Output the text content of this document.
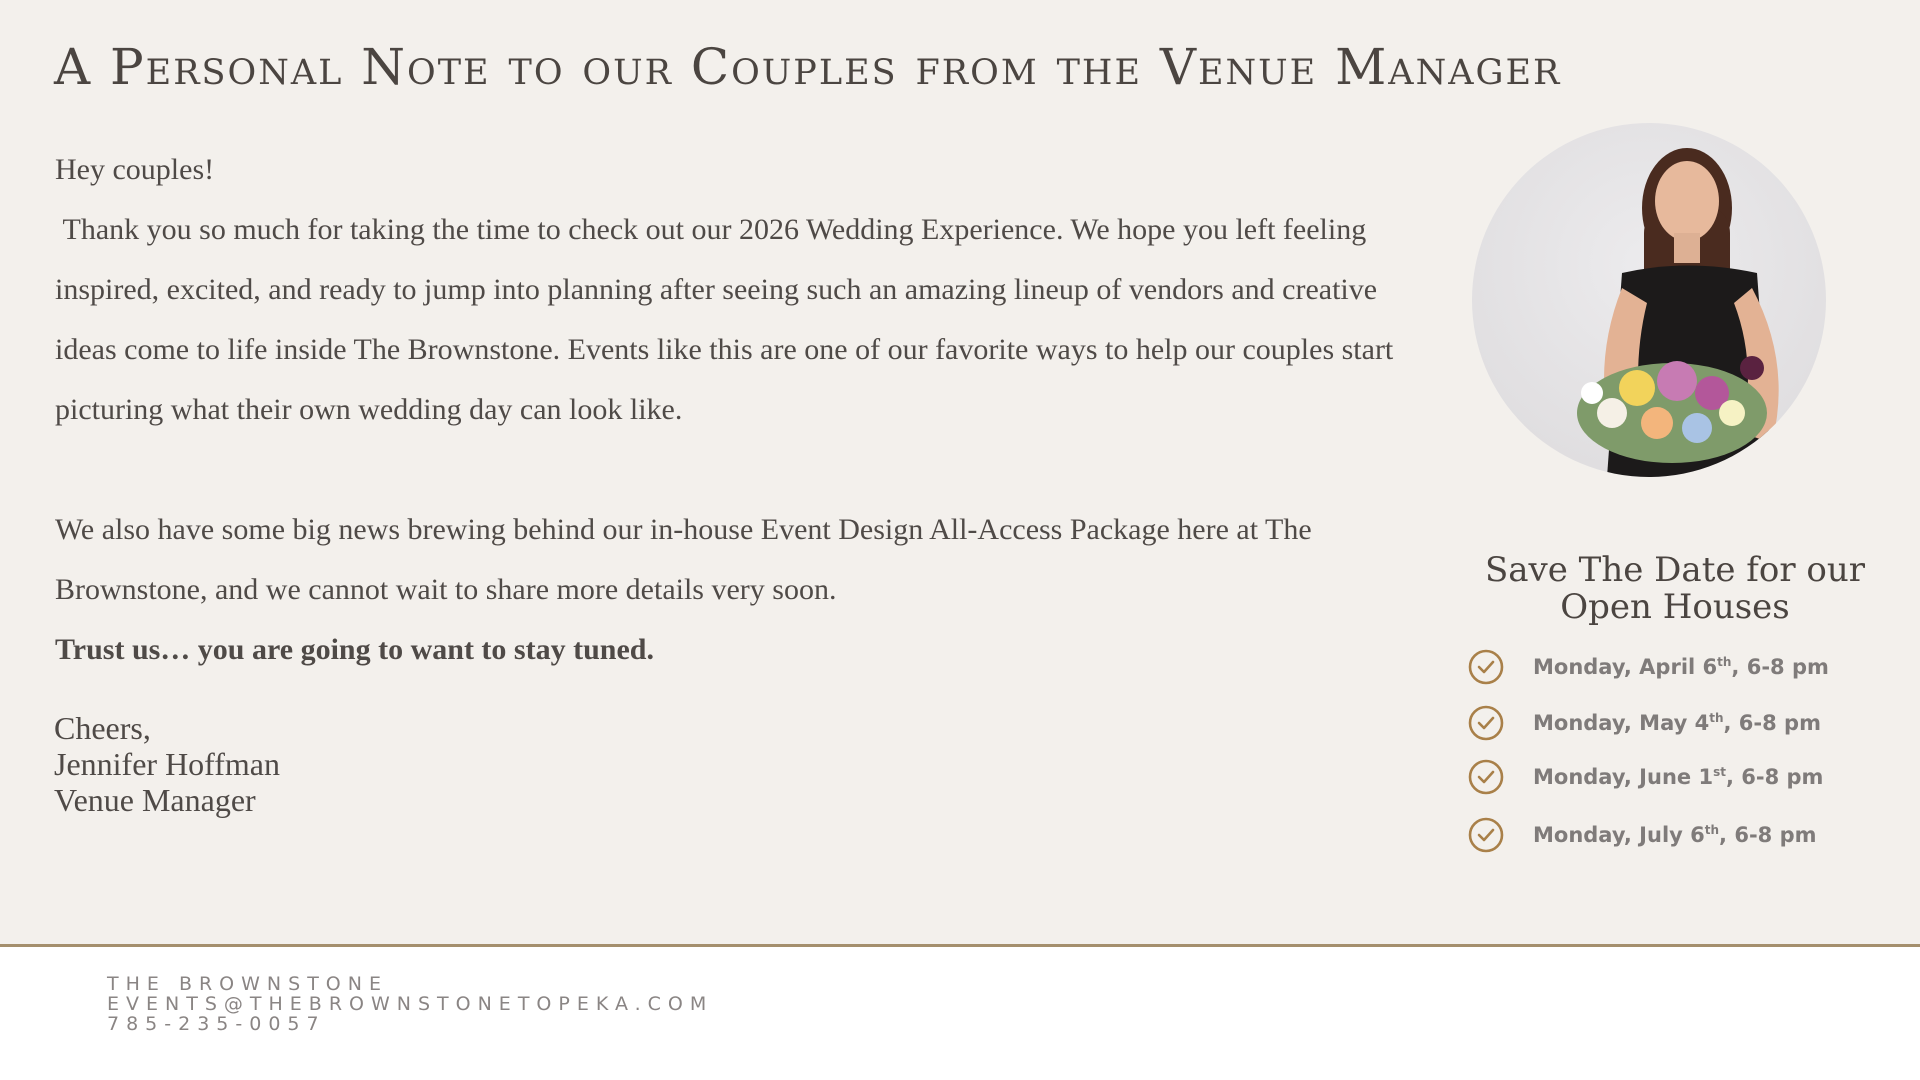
A Personal Note to our Couples from the Venue Manager

Hey couples!

Thank you so much for taking the time to check out our 2026 Wedding Experience. We hope you left feeling inspired, excited, and ready to jump into planning after seeing such an amazing lineup of vendors and creative ideas come to life inside The Brownstone. Events like this are one of our favorite ways to help our couples start picturing what their own wedding day can look like.

We also have some big news brewing behind our in-house Event Design All-Access Package here at The Brownstone, and we cannot wait to share more details very soon.

Trust us… you are going to want to stay tuned.

Cheers,
Jennifer Hoffman
Venue Manager
Save The Date for our
Open Houses
Monday, April 6th, 6-8 pm
Monday, May 4th, 6-8 pm
Monday, June 1st, 6-8 pm
Monday, July 6th, 6-8 pm
THE BROWNSTONE
EVENTS@THEBROWNSTONETOPEKA.COM
785-235-0057
